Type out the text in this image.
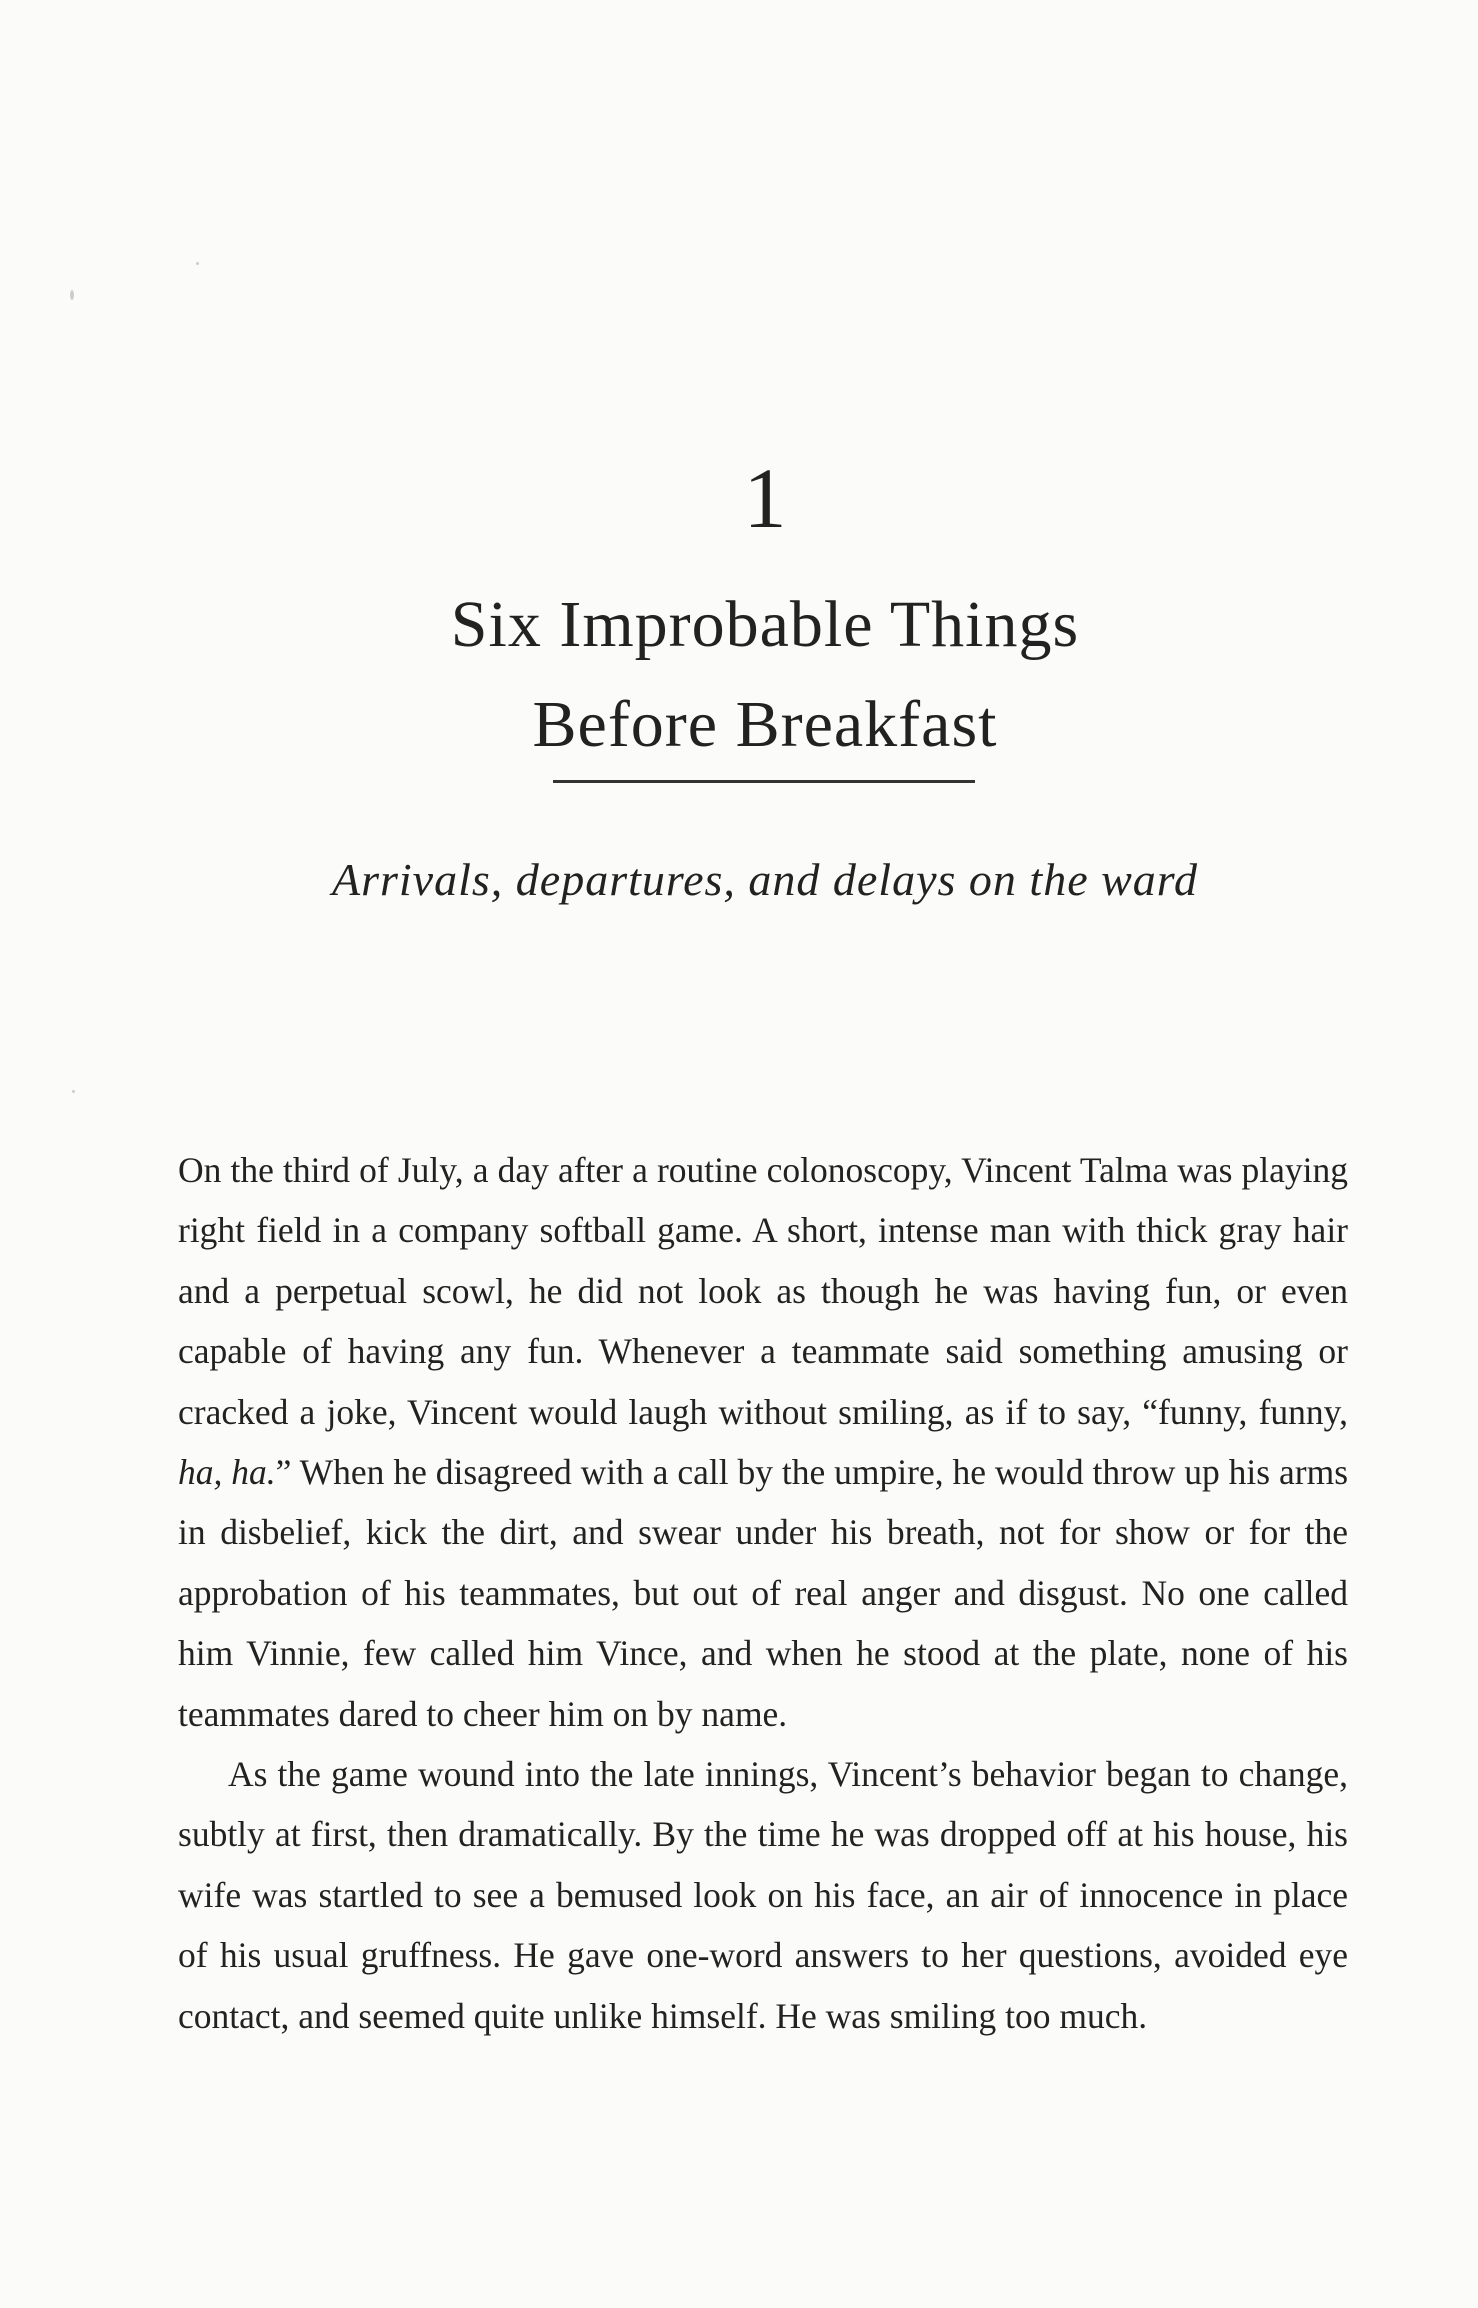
1
Six Improbable Things
Before Breakfast

Arrivals, departures, and delays on the ward

On the third of July, a day after a routine colonoscopy, Vincent Talma was playing right field in a company softball game. A short, intense man with thick gray hair and a perpetual scowl, he did not look as though he was having fun, or even capable of having any fun. Whenever a teammate said something amusing or cracked a joke, Vincent would laugh without smiling, as if to say, “funny, funny, ha, ha.” When he disagreed with a call by the umpire, he would throw up his arms in disbelief, kick the dirt, and swear under his breath, not for show or for the approbation of his teammates, but out of real anger and disgust. No one called him Vinnie, few called him Vince, and when he stood at the plate, none of his teammates dared to cheer him on by name.

As the game wound into the late innings, Vincent’s behavior began to change, subtly at first, then dramatically. By the time he was dropped off at his house, his wife was startled to see a bemused look on his face, an air of innocence in place of his usual gruffness. He gave one-word answers to her questions, avoided eye contact, and seemed quite unlike himself. He was smiling too much.
